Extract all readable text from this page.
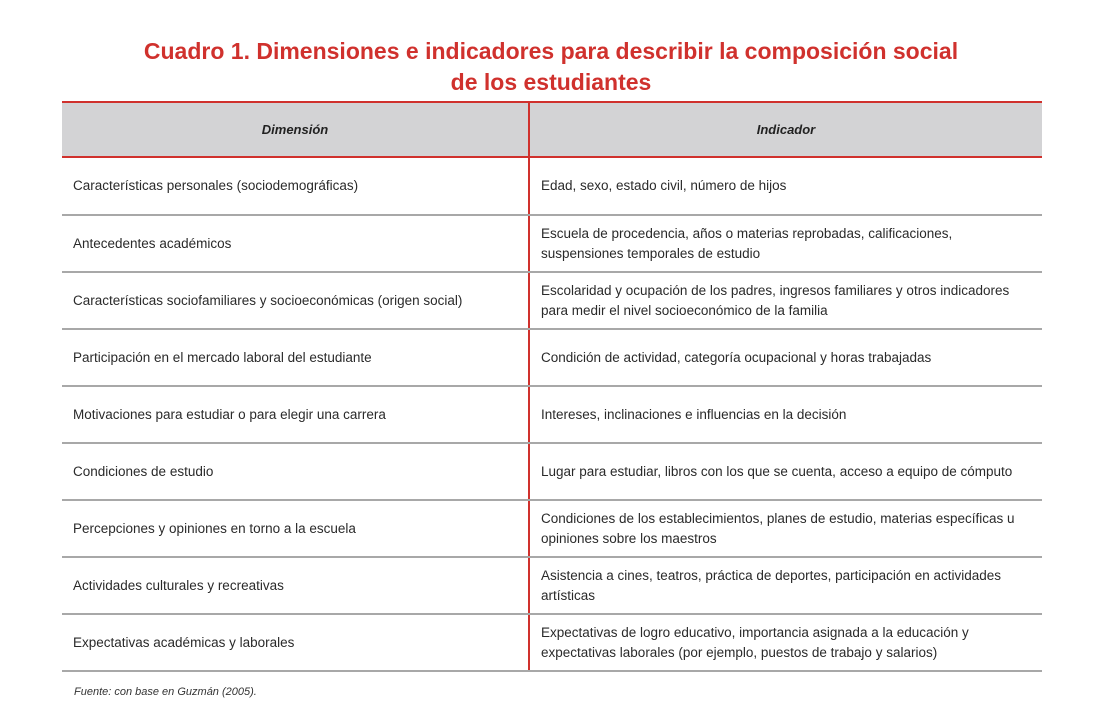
Cuadro 1. Dimensiones e indicadores para describir la composición social
de los estudiantes
Dimensión	Indicador
Características personales (sociodemográficas)	Edad, sexo, estado civil, número de hijos
Antecedentes académicos	Escuela de procedencia, años o materias reprobadas, calificaciones, suspensiones temporales de estudio
Características sociofamiliares y socioeconómicas (origen social)	Escolaridad y ocupación de los padres, ingresos familiares y otros indicadores para medir el nivel socioeconómico de la familia
Participación en el mercado laboral del estudiante	Condición de actividad, categoría ocupacional y horas trabajadas
Motivaciones para estudiar o para elegir una carrera	Intereses, inclinaciones e influencias en la decisión
Condiciones de estudio	Lugar para estudiar, libros con los que se cuenta, acceso a equipo de cómputo
Percepciones y opiniones en torno a la escuela	Condiciones de los establecimientos, planes de estudio, materias específicas u opiniones sobre los maestros
Actividades culturales y recreativas	Asistencia a cines, teatros, práctica de deportes, participación en actividades artísticas
Expectativas académicas y laborales	Expectativas de logro educativo, importancia asignada a la educación y expectativas laborales (por ejemplo, puestos de trabajo y salarios)
Fuente: con base en Guzmán (2005).
